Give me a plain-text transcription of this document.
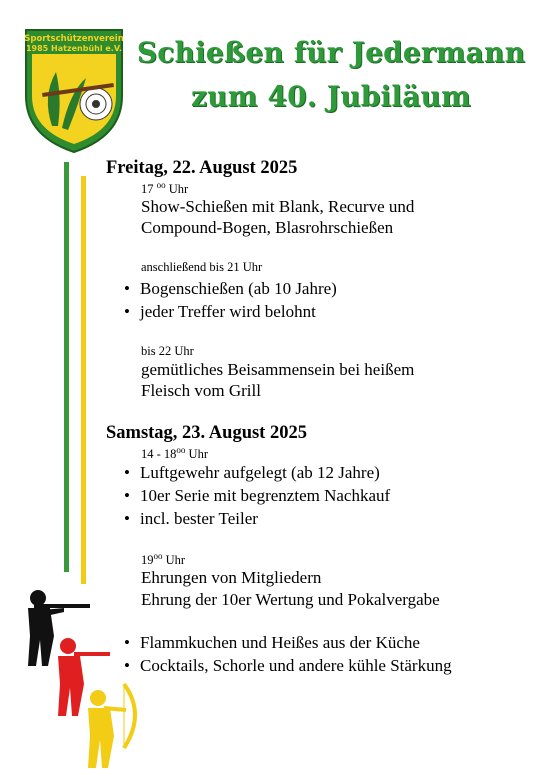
Sportschützenverein
1985 Hatzenbühl e.V. Schießen für Jedermann
zum 40. Jubiläum
Freitag, 22. August 2025
17 $^{oo}$ Uhr
Show-Schießen mit Blank, Recurve und
Compound-Bogen, Blasrohrschießen
anschließend bis 21 Uhr
• Bogenschießen (ab 10 Jahre)
• jeder Treffer wird belohnt
bis 22 Uhr
gemütliches Beisammensein bei heißem
Fleisch vom Grill
Samstag, 23. August 2025
$14 - 18^{oo}$ Uhr
• Luftgewehr aufgelegt (ab 12 Jahre)
• 10er Serie mit begrenztem Nachkauf
• incl. bester Teiler
$19^{oo}$ Uhr
Ehrungen von Mitgliedern
Ehrung der 10er Wertung und Pokalvergabe
• Flammkuchen und Heißes aus der Küche
• Cocktails, Schorle und andere kühle Stärkung
